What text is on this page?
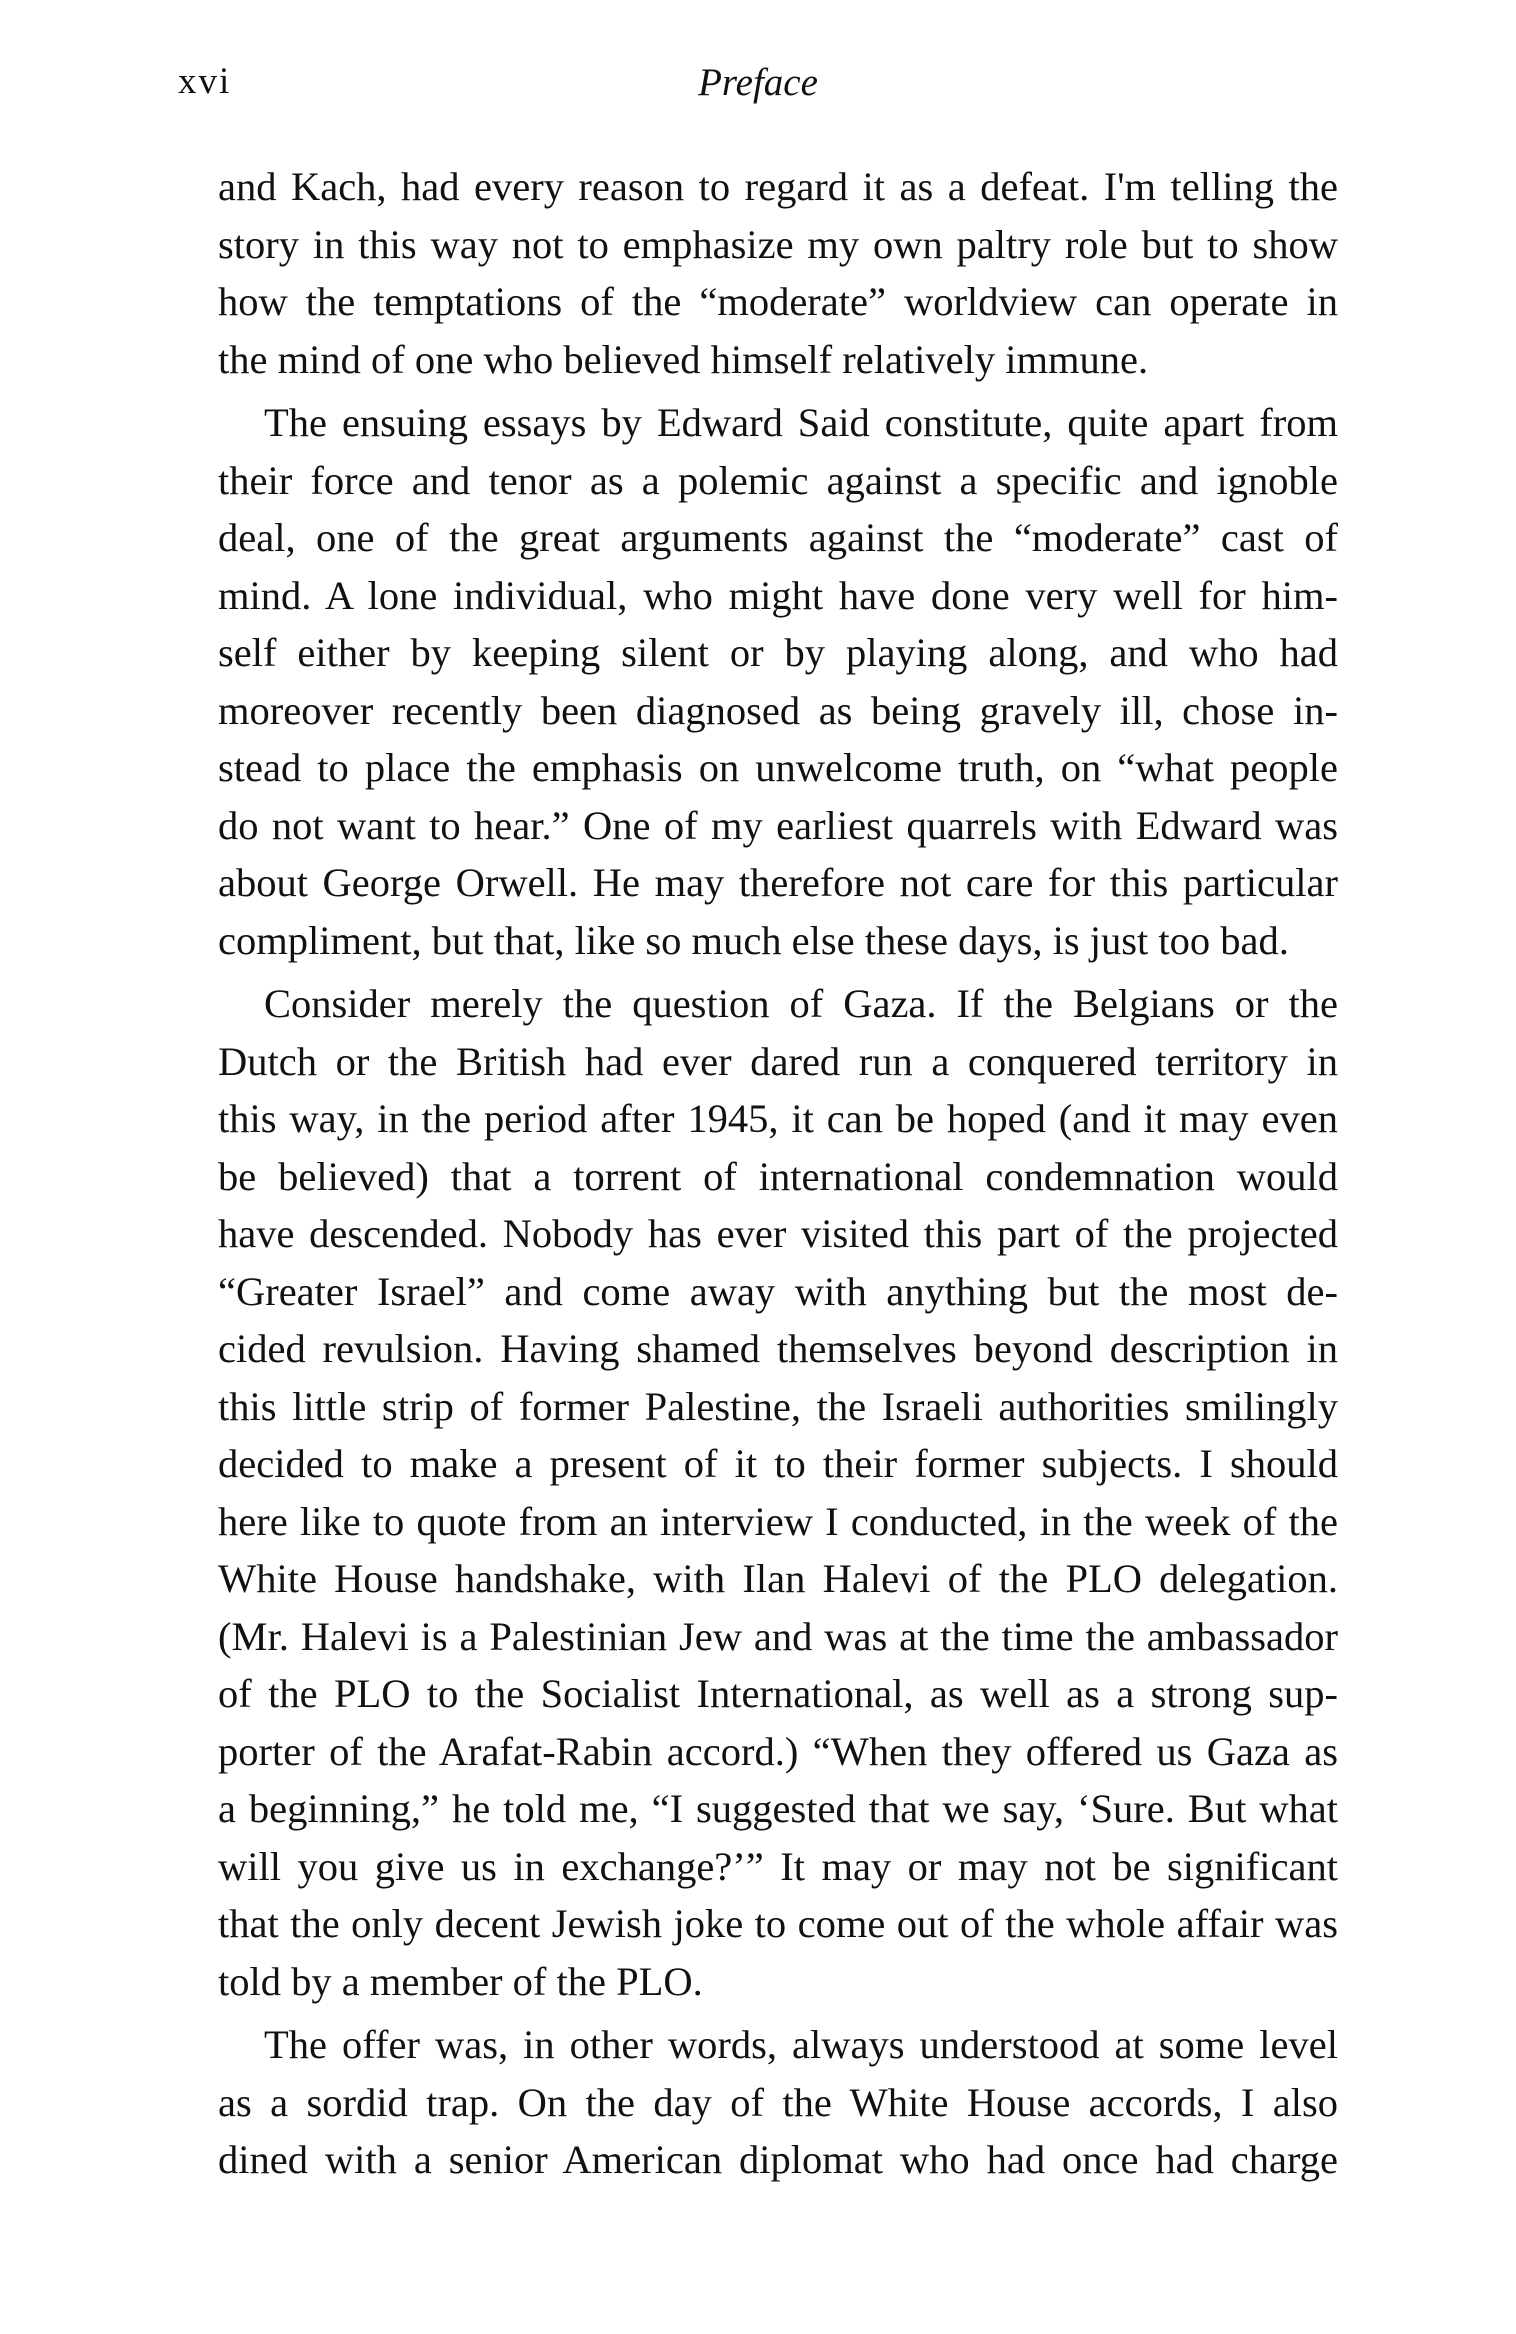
xvi	Preface
and Kach, had every reason to regard it as a defeat. I'm telling the
story in this way not to emphasize my own paltry role but to show
how the temptations of the “moderate” worldview can operate in
the mind of one who believed himself relatively immune.
The ensuing essays by Edward Said constitute, quite apart from
their force and tenor as a polemic against a specific and ignoble
deal, one of the great arguments against the “moderate” cast of
mind. A lone individual, who might have done very well for him-
self either by keeping silent or by playing along, and who had
moreover recently been diagnosed as being gravely ill, chose in-
stead to place the emphasis on unwelcome truth, on “what people
do not want to hear.” One of my earliest quarrels with Edward was
about George Orwell. He may therefore not care for this particular
compliment, but that, like so much else these days, is just too bad.
Consider merely the question of Gaza. If the Belgians or the
Dutch or the British had ever dared run a conquered territory in
this way, in the period after 1945, it can be hoped (and it may even
be believed) that a torrent of international condemnation would
have descended. Nobody has ever visited this part of the projected
“Greater Israel” and come away with anything but the most de-
cided revulsion. Having shamed themselves beyond description in
this little strip of former Palestine, the Israeli authorities smilingly
decided to make a present of it to their former subjects. I should
here like to quote from an interview I conducted, in the week of the
White House handshake, with Ilan Halevi of the PLO delegation.
(Mr. Halevi is a Palestinian Jew and was at the time the ambassador
of the PLO to the Socialist International, as well as a strong sup-
porter of the Arafat-Rabin accord.) “When they offered us Gaza as
a beginning,” he told me, “I suggested that we say, ‘Sure. But what
will you give us in exchange?’” It may or may not be significant
that the only decent Jewish joke to come out of the whole affair was
told by a member of the PLO.
The offer was, in other words, always understood at some level
as a sordid trap. On the day of the White House accords, I also
dined with a senior American diplomat who had once had charge
